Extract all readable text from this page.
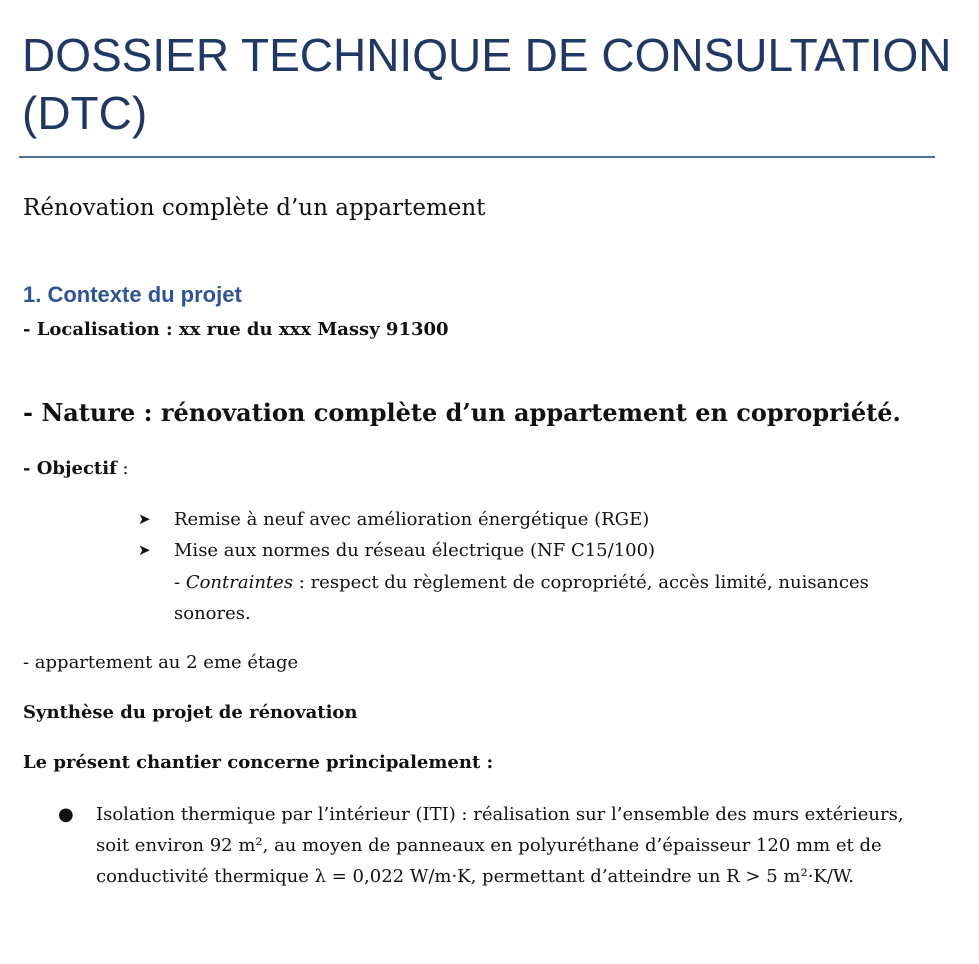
DOSSIER TECHNIQUE DE CONSULTATION (DTC)

Rénovation complète d’un appartement

1. Contexte du projet

- Localisation : xx rue du xxx Massy 91300

- Nature : rénovation complète d’un appartement en copropriété.

- Objectif :

➤ Remise à neuf avec amélioration énergétique (RGE)
➤ Mise aux normes du réseau électrique (NF C15/100)
- Contraintes : respect du règlement de copropriété, accès limité, nuisances sonores.

- appartement au 2 eme étage

Synthèse du projet de rénovation

Le présent chantier concerne principalement :

● Isolation thermique par l’intérieur (ITI) : réalisation sur l’ensemble des murs extérieurs, soit environ 92 m², au moyen de panneaux en polyuréthane d’épaisseur 120 mm et de conductivité thermique λ = 0,022 W/m·K, permettant d’atteindre un R > 5 m²·K/W.
